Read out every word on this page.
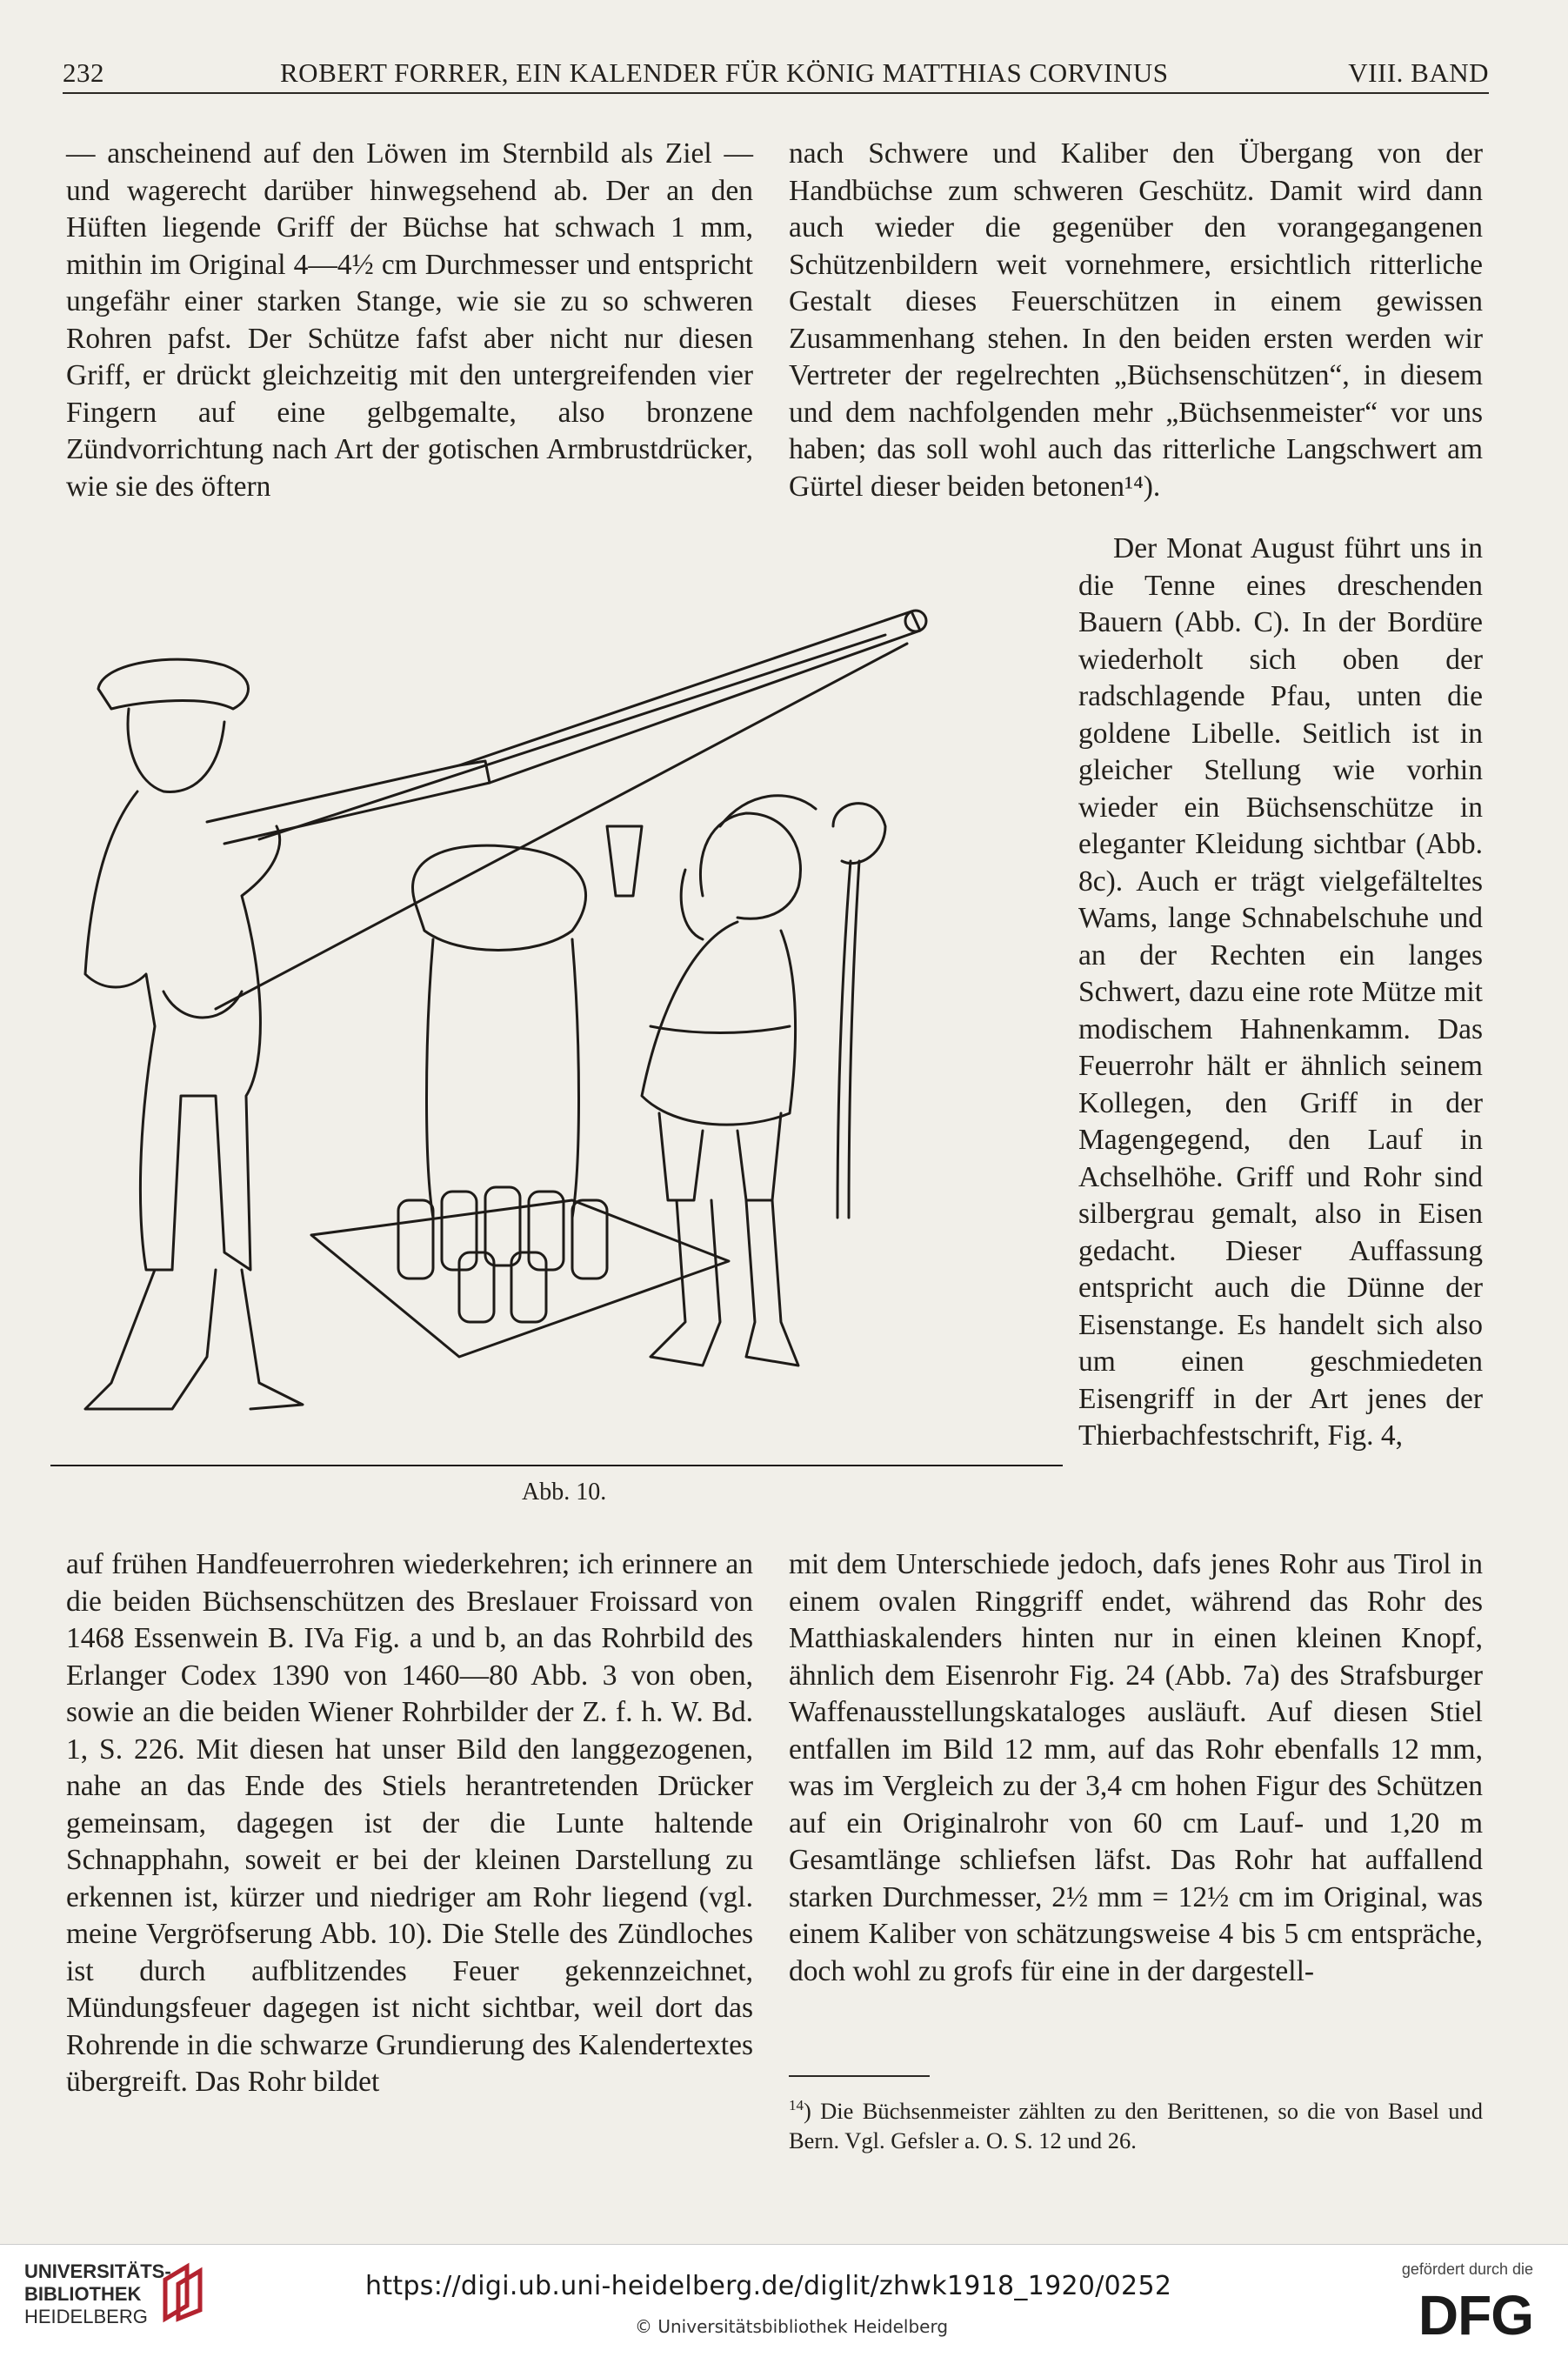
232	ROBERT FORRER, EIN KALENDER FÜR KÖNIG MATTHIAS CORVINUS	VIII. BAND

— anscheinend auf den Löwen im Sternbild als Ziel — und wagerecht darüber hinwegsehend ab. Der an den Hüften liegende Griff der Büchse hat schwach 1 mm, mithin im Original 4—4½ cm Durchmesser und entspricht ungefähr einer starken Stange, wie sie zu so schweren Rohren pafst. Der Schütze fafst aber nicht nur diesen Griff, er drückt gleichzeitig mit den untergreifenden vier Fingern auf eine gelbgemalte, also bronzene Zündvorrichtung nach Art der gotischen Armbrustdrücker, wie sie des öftern

nach Schwere und Kaliber den Übergang von der Handbüchse zum schweren Geschütz. Damit wird dann auch wieder die gegenüber den vorangegangenen Schützenbildern weit vornehmere, ersichtlich ritterliche Gestalt dieses Feuerschützen in einem gewissen Zusammenhang stehen. In den beiden ersten werden wir Vertreter der regelrechten „Büchsenschützen“, in diesem und dem nachfolgenden mehr „Büchsenmeister“ vor uns haben; das soll wohl auch das ritterliche Langschwert am Gürtel dieser beiden betonen¹⁴).

Der Monat August führt uns in die Tenne eines dreschenden Bauern (Abb. C). In der Bordüre wiederholt sich oben der radschlagende Pfau, unten die goldene Libelle. Seitlich ist in gleicher Stellung wie vorhin wieder ein Büchsenschütze in eleganter Kleidung sichtbar (Abb. 8c). Auch er trägt vielgefälteltes Wams, lange Schnabelschuhe und an der Rechten ein langes Schwert, dazu eine rote Mütze mit modischem Hahnenkamm. Das Feuerrohr hält er ähnlich seinem Kollegen, den Griff in der Magengegend, den Lauf in Achselhöhe. Griff und Rohr sind silbergrau gemalt, also in Eisen gedacht. Dieser Auffassung entspricht auch die Dünne der Eisenstange. Es handelt sich also um einen geschmiedeten Eisengriff in der Art jenes der Thierbachfestschrift, Fig. 4,

Abb. 10.

auf frühen Handfeuerrohren wiederkehren; ich erinnere an die beiden Büchsenschützen des Breslauer Froissard von 1468 Essenwein B. IVa Fig. a und b, an das Rohrbild des Erlanger Codex 1390 von 1460—80 Abb. 3 von oben, sowie an die beiden Wiener Rohrbilder der Z. f. h. W. Bd. 1, S. 226. Mit diesen hat unser Bild den langgezogenen, nahe an das Ende des Stiels herantretenden Drücker gemeinsam, dagegen ist der die Lunte haltende Schnapphahn, soweit er bei der kleinen Darstellung zu erkennen ist, kürzer und niedriger am Rohr liegend (vgl. meine Vergröfserung Abb. 10). Die Stelle des Zündloches ist durch aufblitzendes Feuer gekennzeichnet, Mündungsfeuer dagegen ist nicht sichtbar, weil dort das Rohrende in die schwarze Grundierung des Kalendertextes übergreift. Das Rohr bildet

mit dem Unterschiede jedoch, dafs jenes Rohr aus Tirol in einem ovalen Ringgriff endet, während das Rohr des Matthiaskalenders hinten nur in einen kleinen Knopf, ähnlich dem Eisenrohr Fig. 24 (Abb. 7a) des Strafsburger Waffenausstellungskataloges ausläuft. Auf diesen Stiel entfallen im Bild 12 mm, auf das Rohr ebenfalls 12 mm, was im Vergleich zu der 3,4 cm hohen Figur des Schützen auf ein Originalrohr von 60 cm Lauf- und 1,20 m Gesamtlänge schliefsen läfst. Das Rohr hat auffallend starken Durchmesser, 2½ mm = 12½ cm im Original, was einem Kaliber von schätzungsweise 4 bis 5 cm entspräche, doch wohl zu grofs für eine in der dargestell-

$^{14}$) Die Büchsenmeister zählten zu den Berittenen, so die von Basel und Bern. Vgl. Gefsler a. O. S. 12 und 26.
UNIVERSITÄTS-
BIBLIOTHEK
HEIDELBERG
https://digi.ub.uni-heidelberg.de/diglit/zhwk1918_1920/0252
© Universitätsbibliothek Heidelberg
gefördert durch die
DFG
